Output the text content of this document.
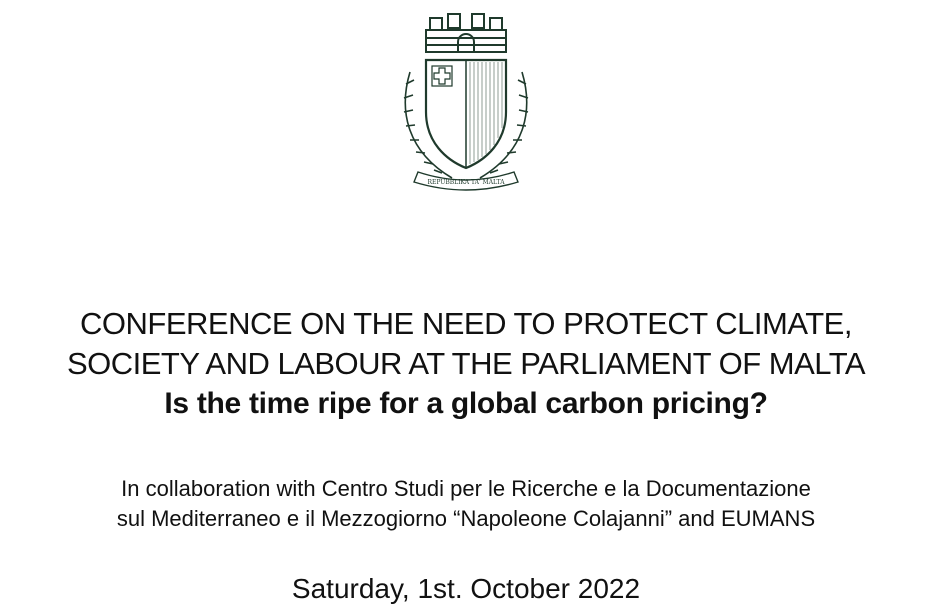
REPUBBLIKA TA' MALTA
CONFERENCE ON THE NEED TO PROTECT CLIMATE,
SOCIETY AND LABOUR AT THE PARLIAMENT OF MALTA
Is the time ripe for a global carbon pricing?
In collaboration with Centro Studi per le Ricerche e la Documentazione
sul Mediterraneo e il Mezzogiorno “Napoleone Colajanni” and EUMANS
Saturday, 1st. October 2022
